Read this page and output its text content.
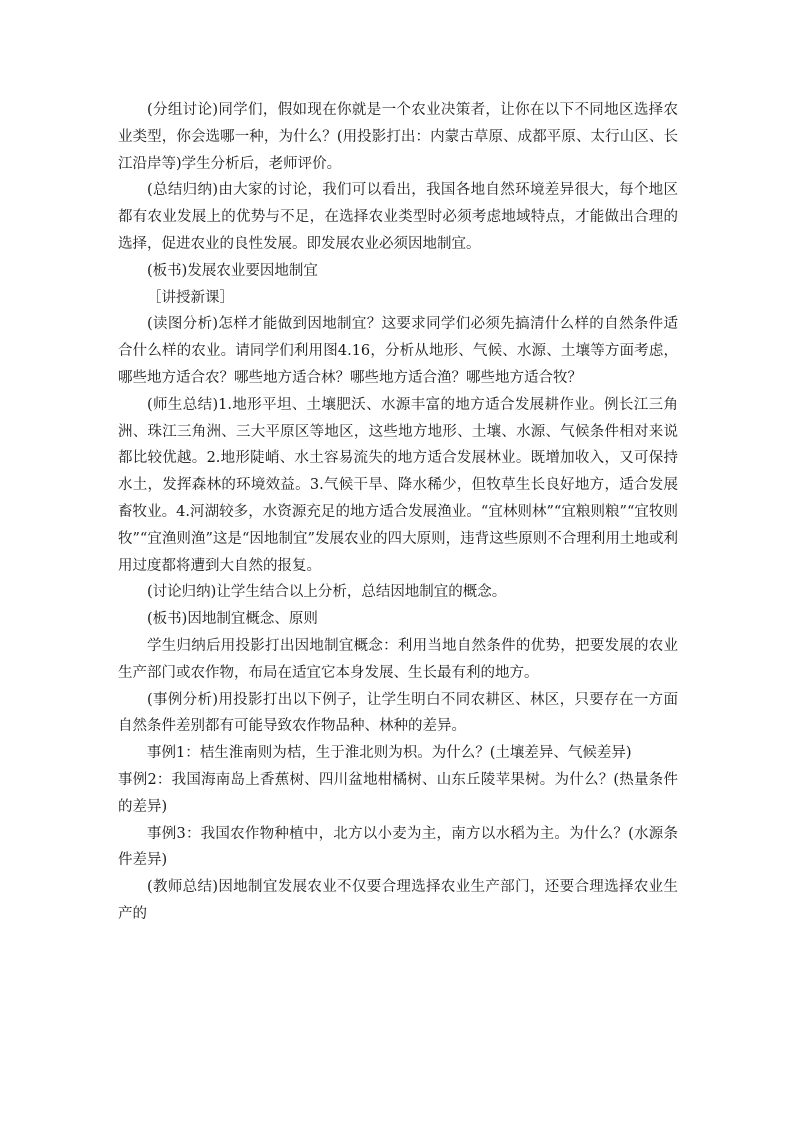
(分组讨论)同学们，假如现在你就是一个农业决策者，让你在以下不同地区选择农业类型，你会选哪一种，为什么？(用投影打出：内蒙古草原、成都平原、太行山区、长江沿岸等)学生分析后，老师评价。

(总结归纳)由大家的讨论，我们可以看出，我国各地自然环境差异很大，每个地区都有农业发展上的优势与不足，在选择农业类型时必须考虑地域特点，才能做出合理的选择，促进农业的良性发展。即发展农业必须因地制宜。

(板书)发展农业要因地制宜

［讲授新课］

(读图分析)怎样才能做到因地制宜？这要求同学们必须先搞清什么样的自然条件适合什么样的农业。请同学们利用图4.16，分析从地形、气候、水源、土壤等方面考虑，哪些地方适合农？哪些地方适合林？哪些地方适合渔？哪些地方适合牧？

(师生总结)1.地形平坦、土壤肥沃、水源丰富的地方适合发展耕作业。例长江三角洲、珠江三角洲、三大平原区等地区，这些地方地形、土壤、水源、气候条件相对来说都比较优越。2.地形陡峭、水土容易流失的地方适合发展林业。既增加收入，又可保持水土，发挥森林的环境效益。3.气候干旱、降水稀少，但牧草生长良好地方，适合发展畜牧业。4.河湖较多，水资源充足的地方适合发展渔业。“宜林则林”“宜粮则粮”“宜牧则牧”“宜渔则渔”这是“因地制宜”发展农业的四大原则，违背这些原则不合理利用土地或利用过度都将遭到大自然的报复。

(讨论归纳)让学生结合以上分析，总结因地制宜的概念。

(板书)因地制宜概念、原则

学生归纳后用投影打出因地制宜概念：利用当地自然条件的优势，把要发展的农业生产部门或农作物，布局在适宜它本身发展、生长最有利的地方。

(事例分析)用投影打出以下例子，让学生明白不同农耕区、林区，只要存在一方面自然条件差别都有可能导致农作物品种、林种的差异。

事例1：桔生淮南则为桔，生于淮北则为枳。为什么？(土壤差异、气候差异)

事例2：我国海南岛上香蕉树、四川盆地柑橘树、山东丘陵苹果树。为什么？(热量条件的差异)

事例3：我国农作物种植中，北方以小麦为主，南方以水稻为主。为什么？(水源条件差异)

(教师总结)因地制宜发展农业不仅要合理选择农业生产部门，还要合理选择农业生产的
